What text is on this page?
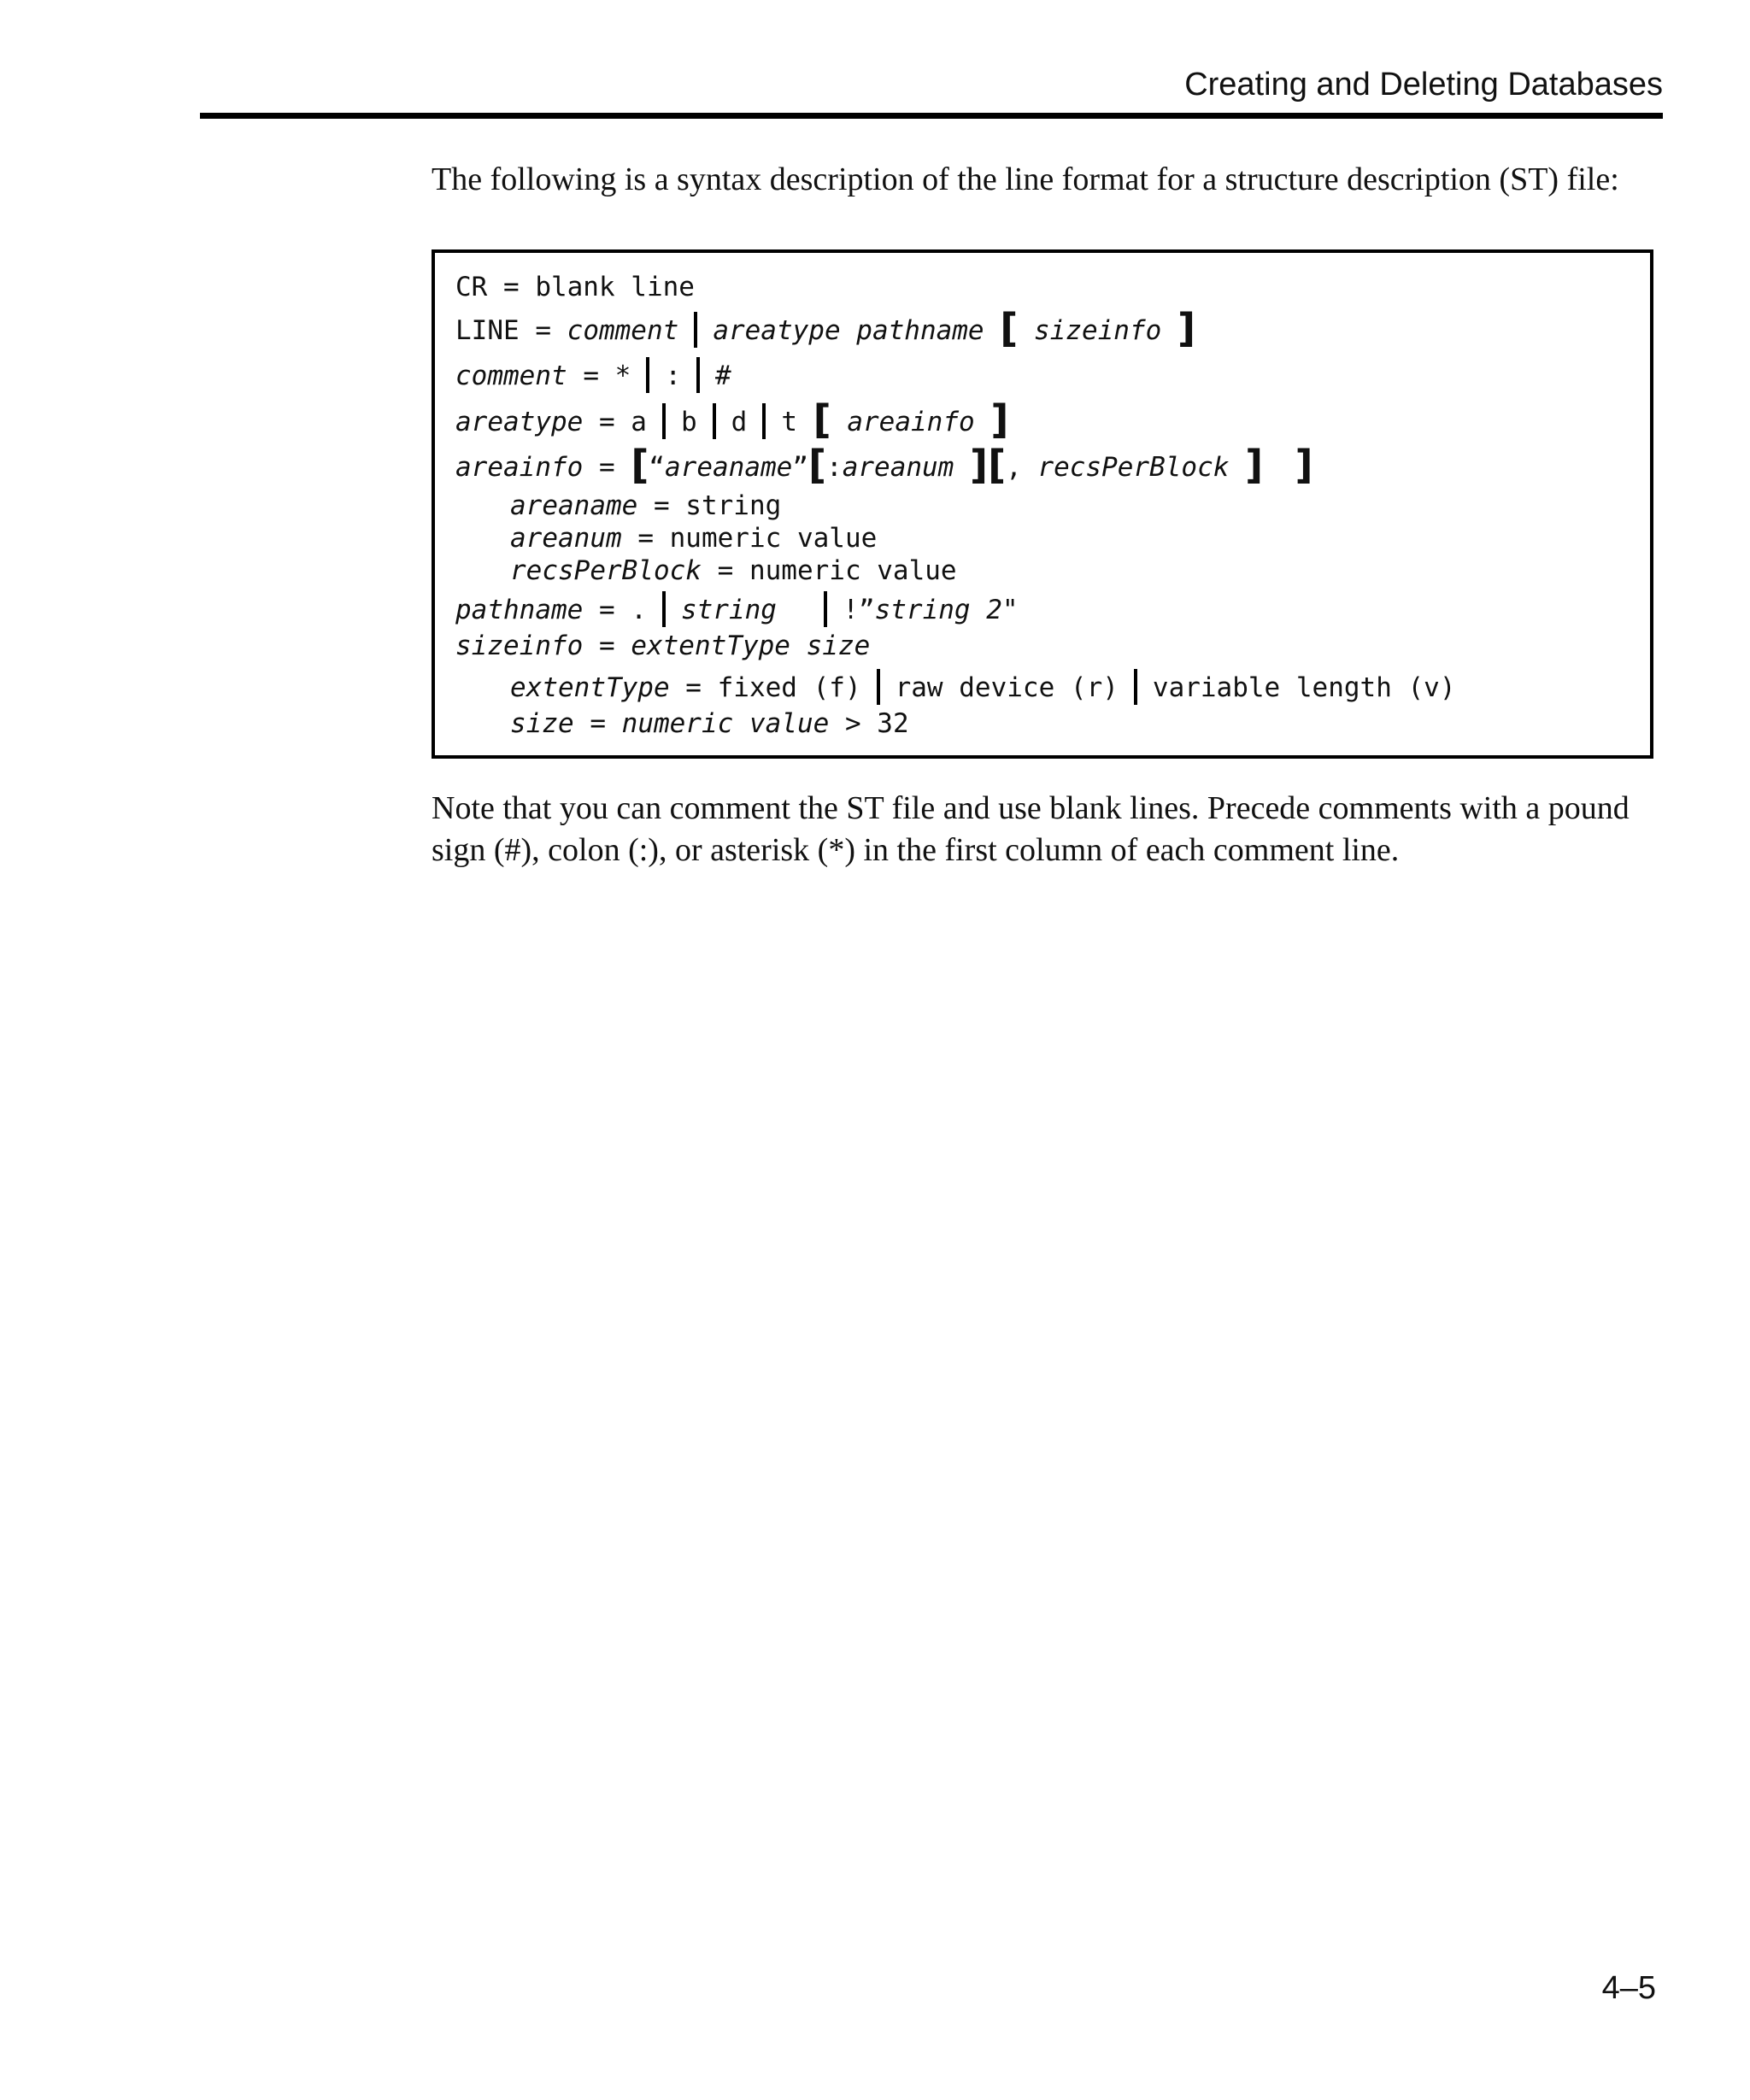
Creating and Deleting Databases

The following is a syntax description of the line format for a structure description (ST) file:

CR = blank line
LINE = comment areatype pathname [ sizeinfo ]
comment = * : #
areatype = a b d t [ areainfo ]
areainfo = [“areaname”[:areanum ][, recsPerBlock ] ]
areaname = string
areanum = numeric value
recsPerBlock = numeric value
pathname = . string !”string 2"
sizeinfo = extentType size
extentType = fixed (f) raw device (r) variable length (v)
size = numeric value > 32

Note that you can comment the ST file and use blank lines. Precede comments with a pound sign (#), colon (:), or asterisk (*) in the first column of each comment line.

4–5
